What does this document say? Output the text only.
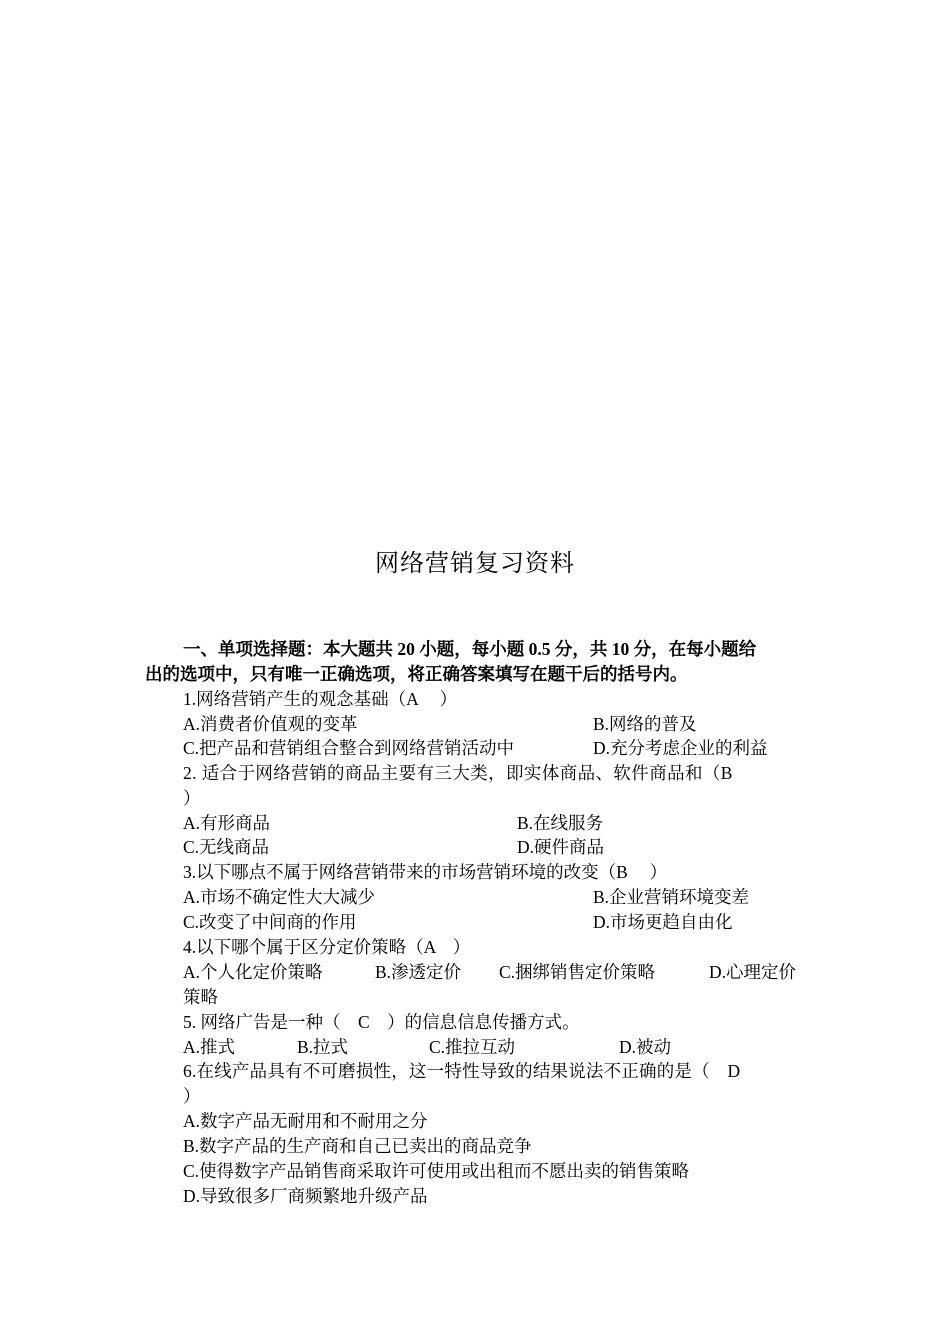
网络营销复习资料
一、单项选择题：本大题共 20 小题，每小题 0.5 分，共 10 分，在每小题给
出的选项中，只有唯一正确选项，将正确答案填写在题干后的括号内。
1.网络营销产生的观念基础（A　 ）
A.消费者价值观的变革	B.网络的普及
C.把产品和营销组合整合到网络营销活动中	D.充分考虑企业的利益
2. 适合于网络营销的商品主要有三大类，即实体商品、软件商品和（B
）
A.有形商品	B.在线服务
C.无线商品	D.硬件商品
3.以下哪点不属于网络营销带来的市场营销环境的改变（B　 ）
A.市场不确定性大大减少	B.企业营销环境变差
C.改变了中间商的作用	D.市场更趋自由化
4.以下哪个属于区分定价策略（A　）
A.个人化定价策略	B.渗透定价 C.捆绑销售定价策略	D.心理定价
策略
5. 网络广告是一种（　C　）的信息信息传播方式。
A.推式	B.拉式	C.推拉互动	D.被动
6.在线产品具有不可磨损性，这一特性导致的结果说法不正确的是（　D
）
A.数字产品无耐用和不耐用之分
B.数字产品的生产商和自己已卖出的商品竞争
C.使得数字产品销售商采取许可使用或出租而不愿出卖的销售策略
D.导致很多厂商频繁地升级产品
